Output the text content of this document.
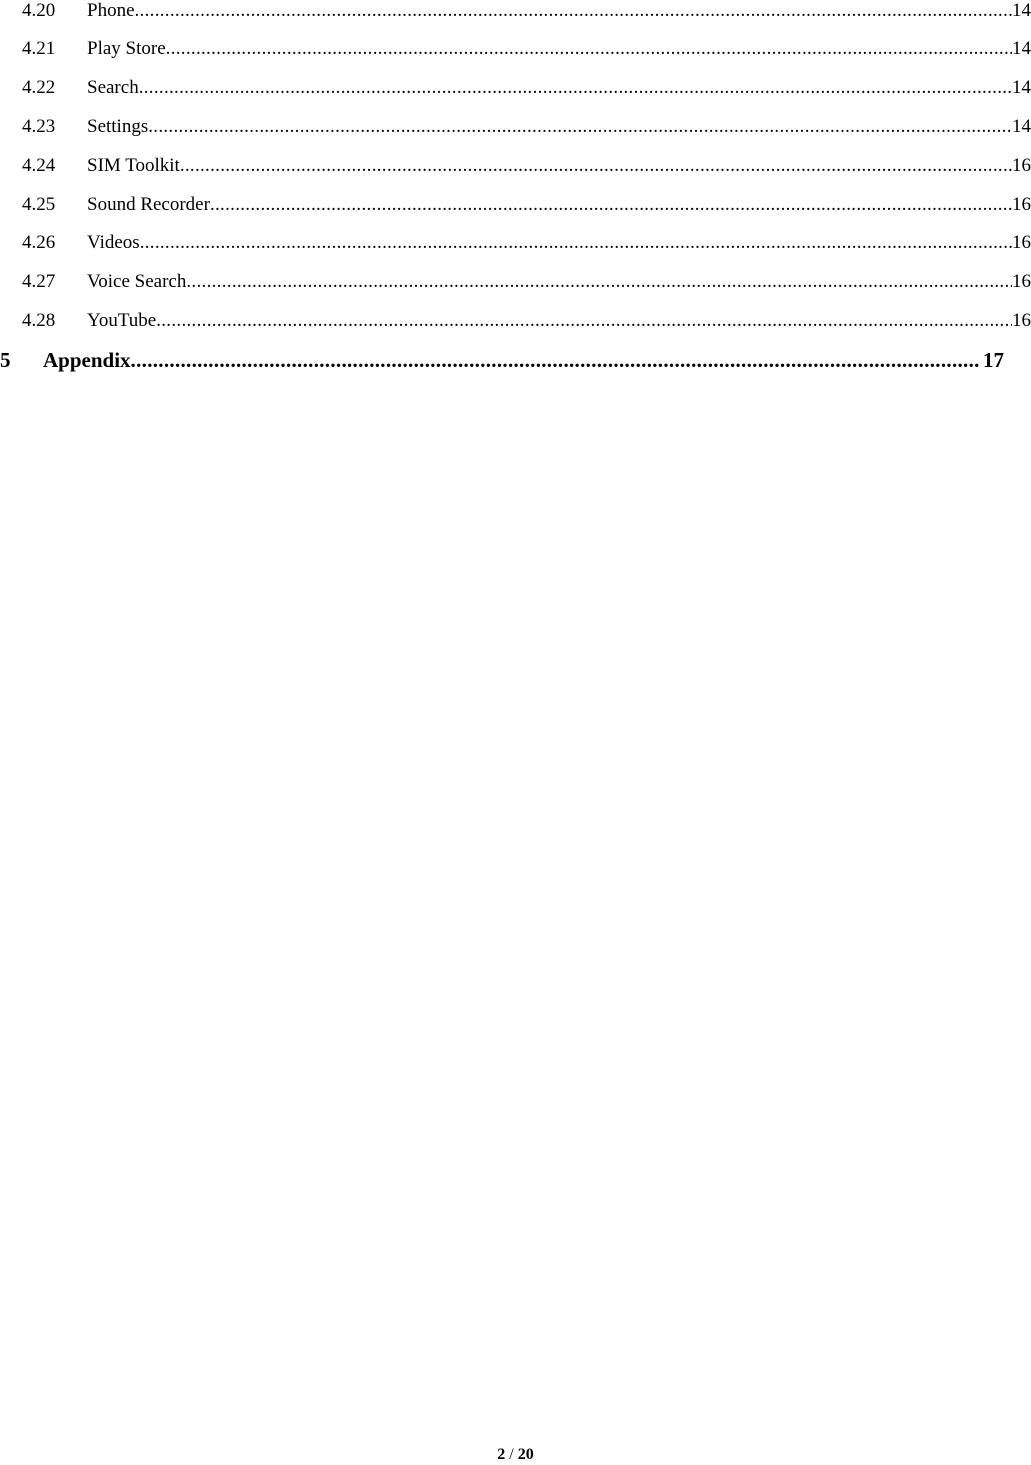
4.20	Phone .....	14
4.21	Play Store .....	14
4.22	Search .....	14
4.23	Settings .....	14
4.24	SIM Toolkit .....	16
4.25	Sound Recorder .....	16
4.26	Videos .....	16
4.27	Voice Search .....	16
4.28	YouTube .....	16
5	Appendix .....	17
2 / 20
